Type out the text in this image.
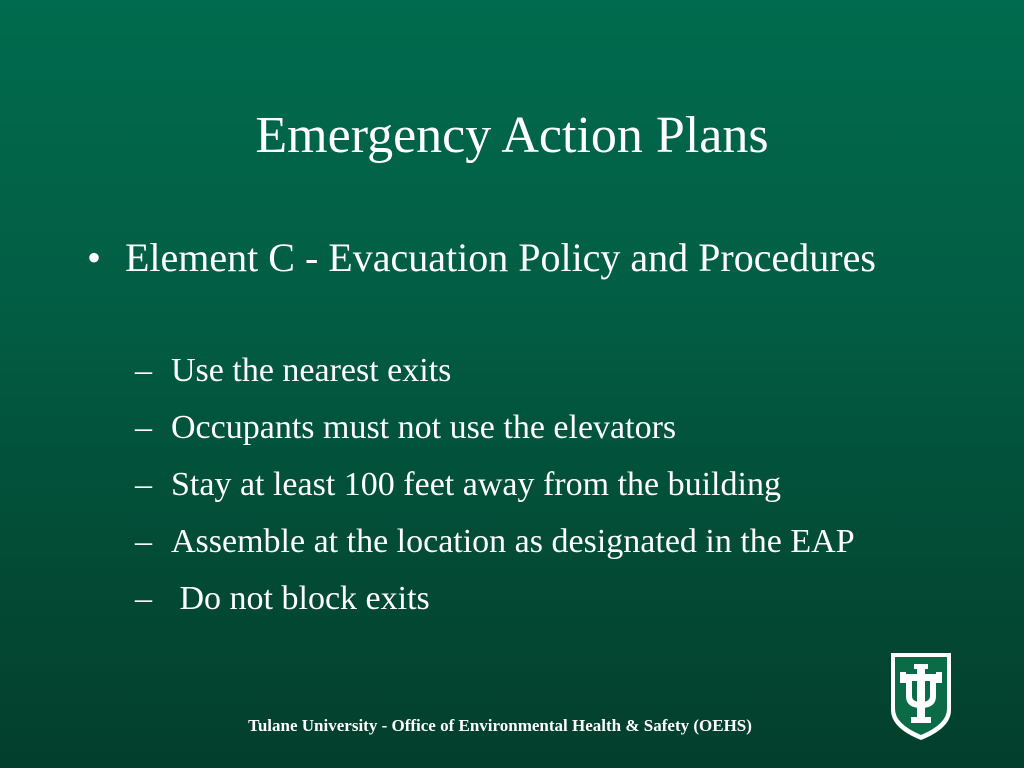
Emergency Action Plans
• Element C - Evacuation Policy and Procedures
– Use the nearest exits
– Occupants must not use the elevators
– Stay at least 100 feet away from the building
– Assemble at the location as designated in the EAP
– Do not block exits
Tulane University - Office of Environmental Health & Safety (OEHS)
